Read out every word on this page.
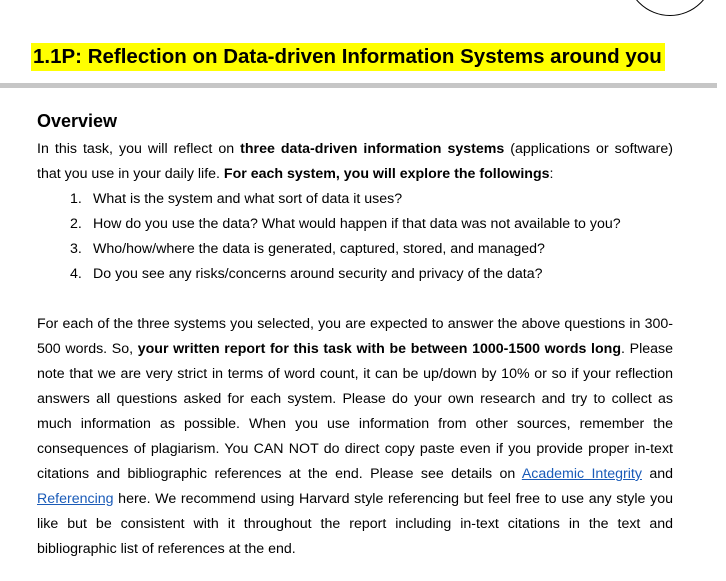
1.1P: Reflection on Data-driven Information Systems around you
Overview

In this task, you will reflect on three data-driven information systems (applications or software) that you use in your daily life. For each system, you will explore the followings:

1. What is the system and what sort of data it uses?
2. How do you use the data? What would happen if that data was not available to you?
3. Who/how/where the data is generated, captured, stored, and managed?
4. Do you see any risks/concerns around security and privacy of the data?

For each of the three systems you selected, you are expected to answer the above questions in 300-500 words. So, your written report for this task with be between 1000-1500 words long. Please note that we are very strict in terms of word count, it can be up/down by 10% or so if your reflection answers all questions asked for each system. Please do your own research and try to collect as much information as possible. When you use information from other sources, remember the consequences of plagiarism. You CAN NOT do direct copy paste even if you provide proper in-text citations and bibliographic references at the end. Please see details on Academic Integrity and Referencing here. We recommend using Harvard style referencing but feel free to use any style you like but be consistent with it throughout the report including in-text citations in the text and bibliographic list of references at the end.
